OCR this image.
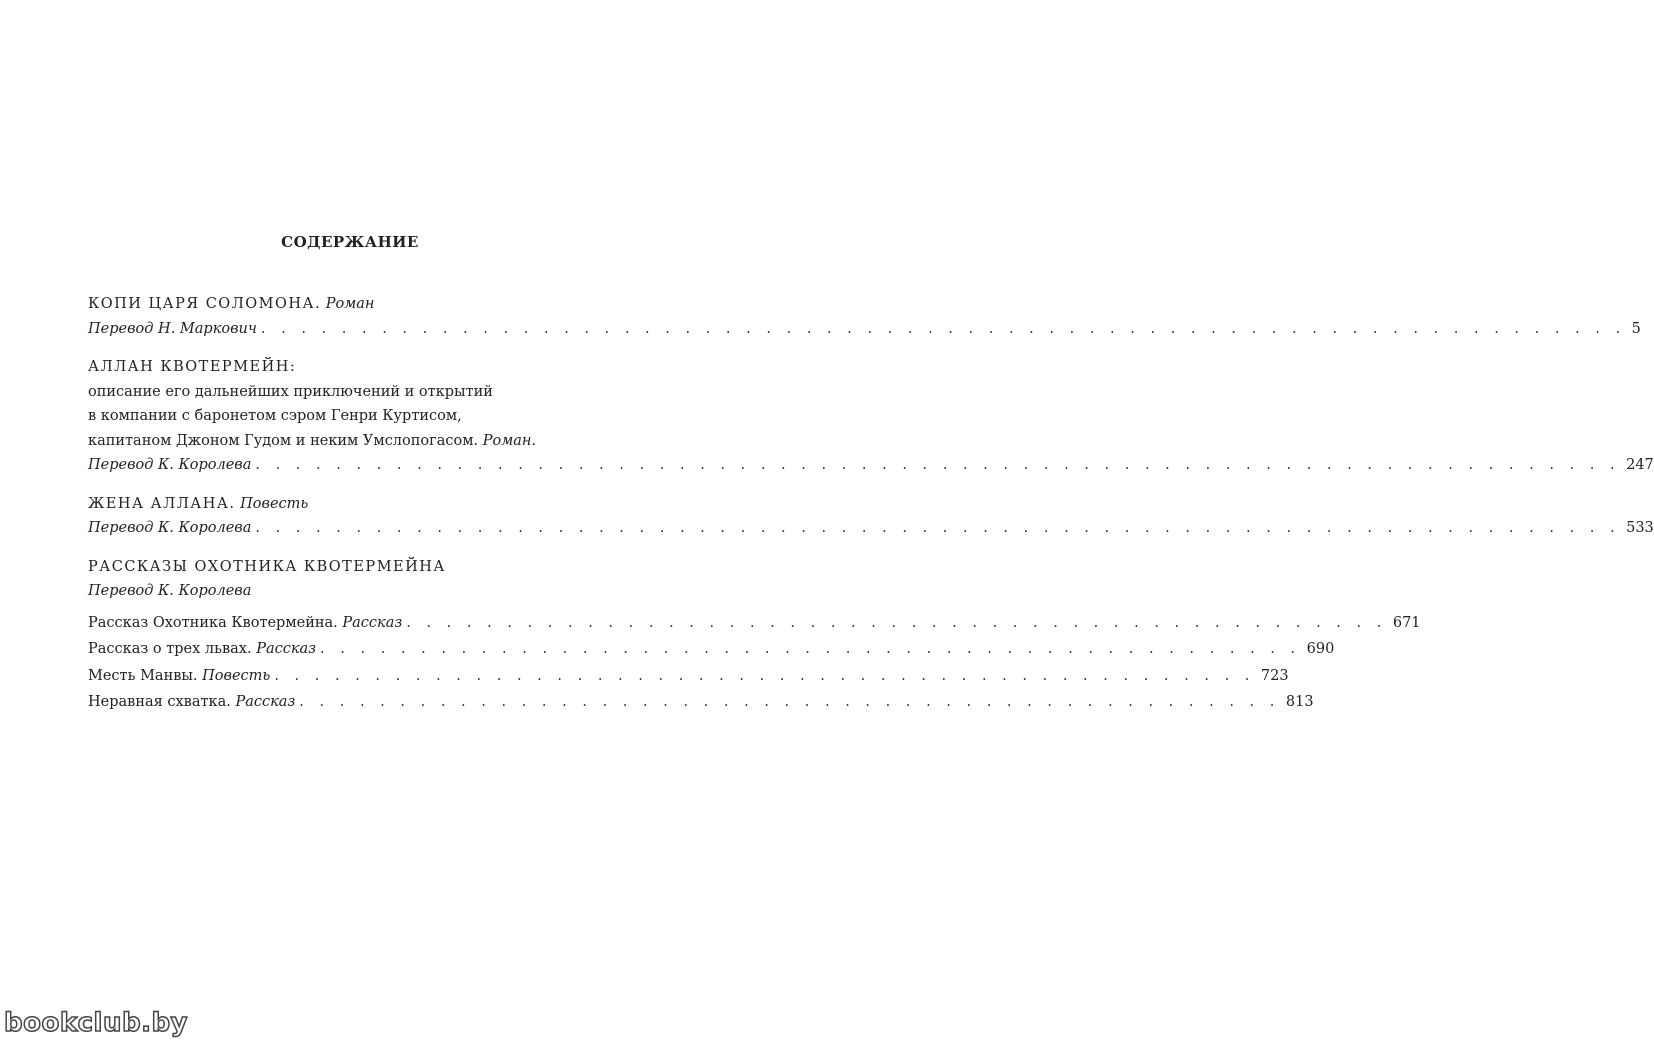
СОДЕРЖАНИЕ
КОПИ ЦАРЯ СОЛОМОНА. Роман
Перевод Н. Маркович . . . . . . . . . . . . . . . . . . . . . . . . . . . . . . . . . . . . . . . . . . . . . . . . . . . . . . . . . . . . . . . . . . . . 5
АЛЛАН КВОТЕРМЕЙН:
описание его дальнейших приключений и открытий
в компании с баронетом сэром Генри Куртисом,
капитаном Джоном Гудом и неким Умслопогасом. Роман.
Перевод К. Королева . . . . . . . . . . . . . . . . . . . . . . . . . . . . . . . . . . . . . . . . . . . . . . . . . . . . . . . . . . . . . . . . . . . . 247
ЖЕНА АЛЛАНА. Повесть
Перевод К. Королева . . . . . . . . . . . . . . . . . . . . . . . . . . . . . . . . . . . . . . . . . . . . . . . . . . . . . . . . . . . . . . . . . . . . 533
РАССКАЗЫ ОХОТНИКА КВОТЕРМЕЙНА
Перевод К. Королева
Рассказ Охотника Квотермейна.
Рассказ . . . . . . . . . . . . . . . . . . . . . . . . . . . . . . . . . . . . . . . . . . . . . . . . . 671
Рассказ о трех львах.
Рассказ . . . . . . . . . . . . . . . . . . . . . . . . . . . . . . . . . . . . . . . . . . . . . . . . . 690
Месть Манвы.
Повесть . . . . . . . . . . . . . . . . . . . . . . . . . . . . . . . . . . . . . . . . . . . . . . . . . 723
Неравная схватка.
Рассказ . . . . . . . . . . . . . . . . . . . . . . . . . . . . . . . . . . . . . . . . . . . . . . . . . 813
bookclub.by
